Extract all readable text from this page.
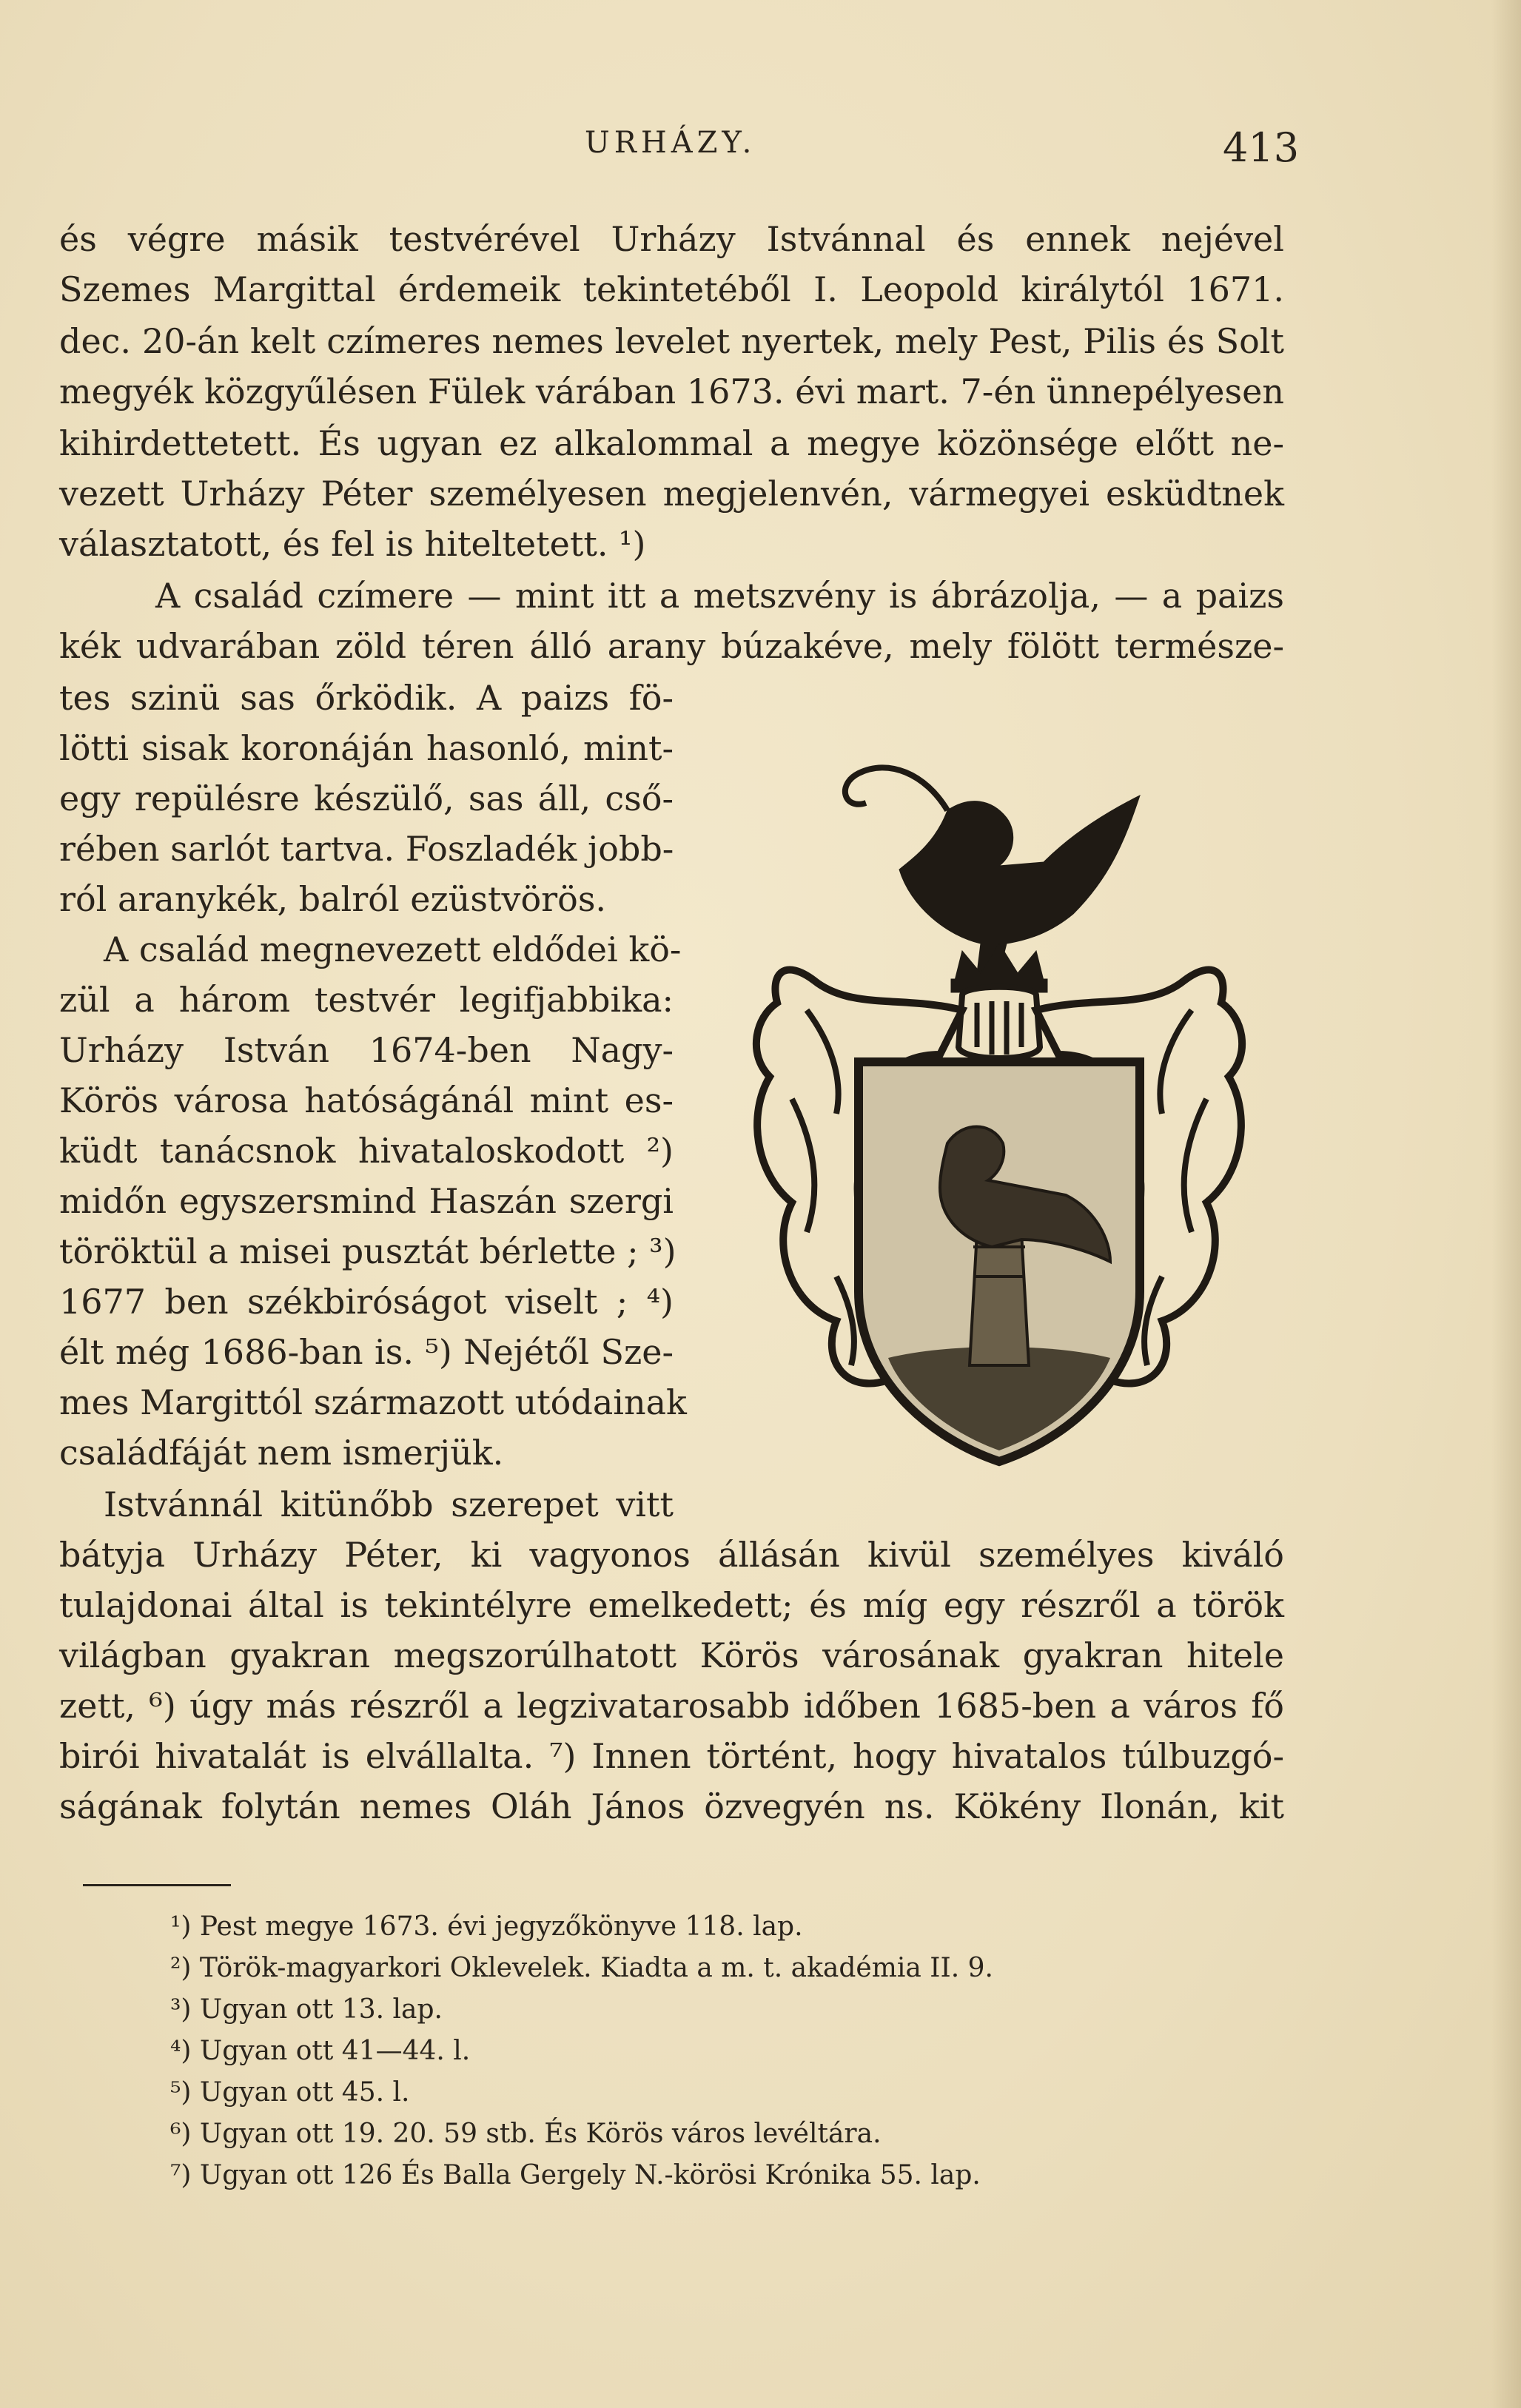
URHÁZY.	413
és végre másik testvérével Urházy Istvánnal és ennek nejével
Szemes Margittal érdemeik tekintetéből I. Leopold királytól 1671.
dec. 20-án kelt czímeres nemes levelet nyertek, mely Pest, Pilis és Solt
megyék közgyűlésen Fülek várában 1673. évi mart. 7-én ünnepélyesen
kihirdettetett. És ugyan ez alkalommal a megye közönsége előtt ne-
vezett Urházy Péter személyesen megjelenvén, vármegyei esküdtnek
választatott, és fel is hiteltetett. ¹)
A család czímere — mint itt a metszvény is ábrázolja, — a paizs
kék udvarában zöld téren álló arany búzakéve, mely fölött természe-
tes szinü sas őrködik. A paizs fö-
lötti sisak koronáján hasonló, mint-
egy repülésre készülő, sas áll, cső-
rében sarlót tartva. Foszladék jobb-
ról aranykék, balról ezüstvörös.
A család megnevezett eldődei kö-
zül a három testvér legifjabbika:
Urházy István 1674-ben Nagy-
Körös városa hatóságánál mint es-
küdt tanácsnok hivataloskodott ²)
midőn egyszersmind Haszán szergi
töröktül a misei pusztát bérlette ; ³)
1677 ben székbiróságot viselt ; ⁴)
élt még 1686-ban is. ⁵) Nejétől Sze-
mes Margittól származott utódainak
családfáját nem ismerjük.
Istvánnál kitünőbb szerepet vitt
bátyja Urházy Péter, ki vagyonos állásán kivül személyes kiváló
tulajdonai által is tekintélyre emelkedett; és míg egy részről a török
világban gyakran megszorúlhatott Körös városának gyakran hitele
zett, ⁶) úgy más részről a legzivatarosabb időben 1685-ben a város fő
birói hivatalát is elvállalta. ⁷) Innen történt, hogy hivatalos túlbuzgó-
ságának folytán nemes Oláh János özvegyén ns. Kökény Ilonán, kit
¹) Pest megye 1673. évi jegyzőkönyve 118. lap.
²) Török-magyarkori Oklevelek. Kiadta a m. t. akadémia II. 9.
³) Ugyan ott 13. lap.
⁴) Ugyan ott 41—44. l.
⁵) Ugyan ott 45. l.
⁶) Ugyan ott 19. 20. 59 stb. És Körös város levéltára.
⁷) Ugyan ott 126 És Balla Gergely N.-körösi Krónika 55. lap.
